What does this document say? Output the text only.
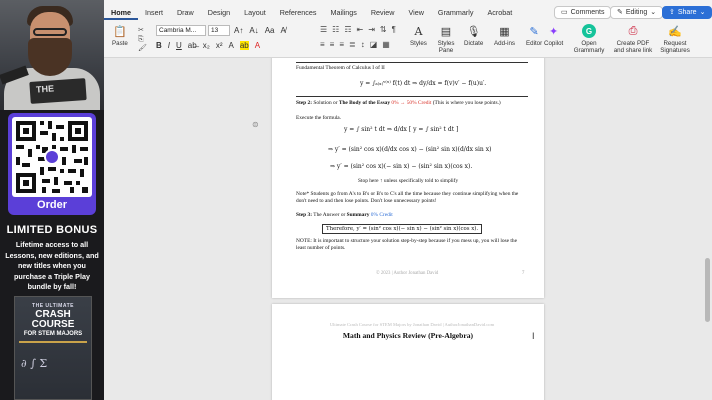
THE
Order
LIMITED BONUS
Lifetime access to all Lessons, new editions, and new titles when you purchase a Triple Play bundle by fall!
THE ULTIMATE
CRASH COURSE
FOR STEM MAJORS
∂ ∫ Σ
Home	Insert	Draw	Design	Layout	References	Mailings	Review	View	Grammarly	Acrobat	▭ Comments ✎ Editing ⌄ ⇪ Share ⌄
📋
Paste
✂
⎘
🖌
Cambria M...	13	A↑ A↓ Aa A̸
B I U ab̶ x₂ x² A ab A
☰ ☷ ☶ ⇤ ⇥ ⇅ ¶
≡ ≡ ≡ ≣ ↕ ◪ ▦
A
Styles
▤
Styles Pane
🎙
Dictate
▦
Add-ins
✎
Editor
✦
Copilot
G
Open Grammarly
⎙
Create PDF and share link
✍
Request Signatures
Fundamental Theorem of Calculus I of II
y = ∫ₐ₍ₓ₎ᵛ⁽ˣ⁾ f(t) dt ⇒ dy/dx = f(v)v′ − f(u)u′.
Step 2: Solution or The Body of the Essay 0% → 50% Credit (This is where you lose points.)
Execute the formula.
y = ∫ sin² t dt ⇒ d/dx [ y = ∫ sin² t dt ]
⇒ y′ = (sin² cos x)(d/dx cos x) − (sin² sin x)(d/dx sin x)
⇒ y′ = (sin² cos x)(− sin x) − (sin² sin x)(cos x).
Stop here ↑ unless specifically told to simplify
Note* Students go from A's to B's or B's to C's all the time because they continue simplifying when the don't need to and then lose points. Don't lose unnecessary points!
Step 3: The Answer or Summary 0% Credit
Therefore, y′ = (sin² cos x)(− sin x) − (sin² sin x)(cos x).
NOTE: It is important to structure your solution step-by-step because if you mess up, you will lose the least number of points.
© 2023 | Author Jonathan David	7
⊜
Ultimate Crash Course for STEM Majors by Jonathan David | AuthorJonathanDavid.com
Math and Physics Review (Pre-Algebra)	I
